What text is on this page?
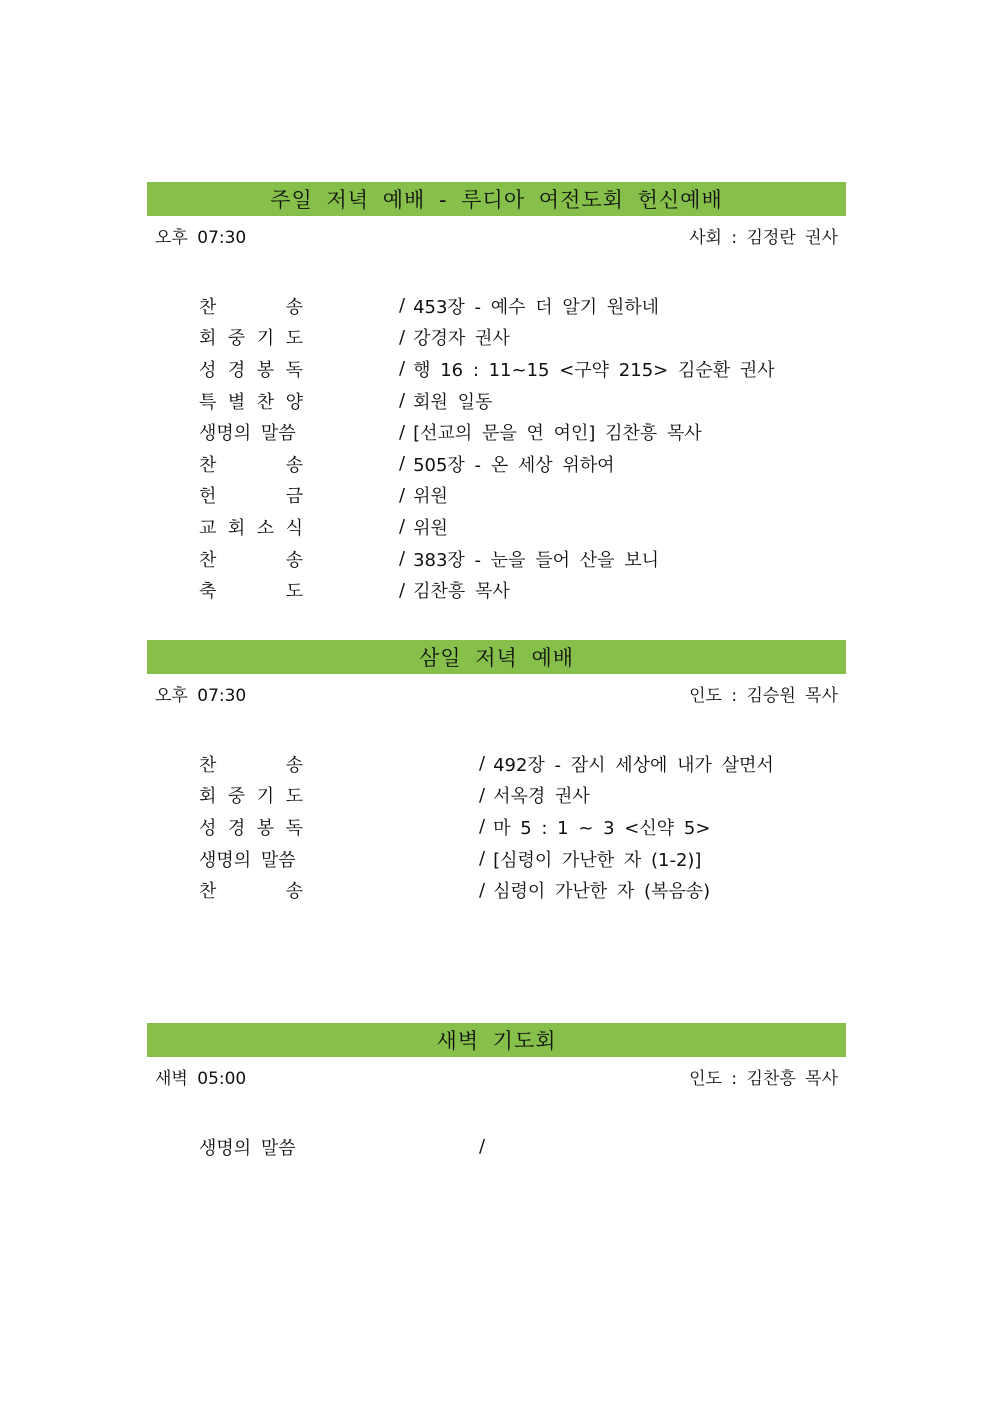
주일 저녁 예배 - 루디아 여전도회 헌신예배
오후 07:30	사회 : 김정란 권사
찬	송	/ 453장 - 예수 더 알기 원하네
회 중 기 도	/ 강경자 권사
성 경 봉 독	/ 행 16 : 11~15 <구약 215> 김순환 권사
특 별 찬 양	/ 회원 일동
생명의 말씀	/ [선교의 문을 연 여인] 김찬흥 목사
찬	송	/ 505장 - 온 세상 위하여
헌	금	/ 위원
교 회 소 식	/ 위원
찬	송	/ 383장 - 눈을 들어 산을 보니
축	도	/ 김찬흥 목사
삼일 저녁 예배
오후 07:30	인도 : 김승원 목사
찬	송	/ 492장 - 잠시 세상에 내가 살면서
회 중 기 도	/ 서옥경 권사
성 경 봉 독	/ 마 5 : 1 ~ 3 <신약 5>
생명의 말씀	/ [심령이 가난한 자 (1-2)]
찬	송	/ 심령이 가난한 자 (복음송)
새벽 기도회
새벽 05:00	인도 : 김찬흥 목사
생명의 말씀	/
